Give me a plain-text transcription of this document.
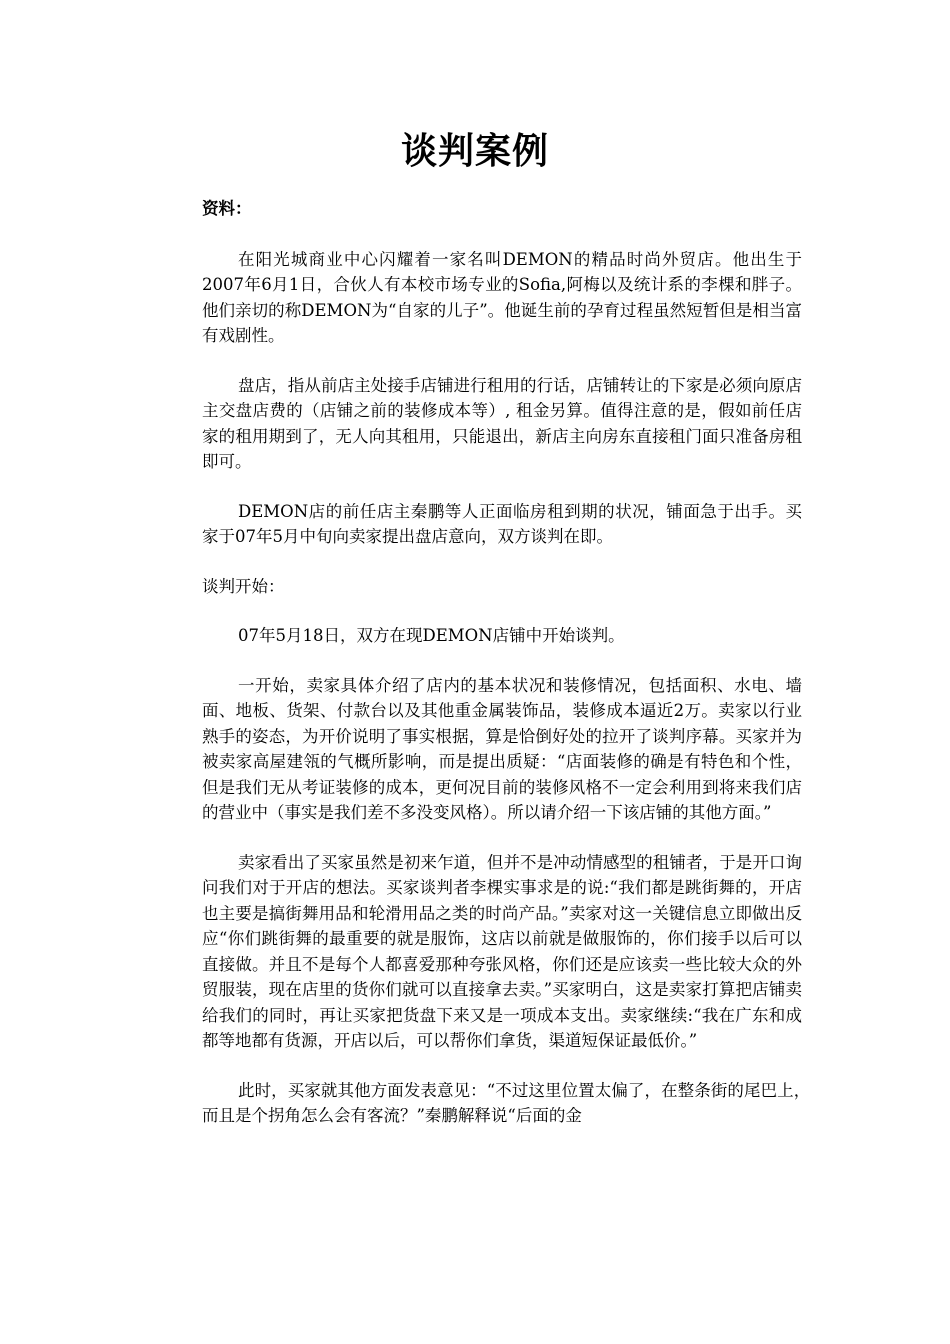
谈判案例

资料：

在阳光城商业中心闪耀着一家名叫DEMON的精品时尚外贸店。他出生于2007年6月1日，合伙人有本校市场专业的Sofia,阿梅以及统计系的李棵和胖子。他们亲切的称DEMON为“自家的儿子”。他诞生前的孕育过程虽然短暂但是相当富有戏剧性。

盘店，指从前店主处接手店铺进行租用的行话，店铺转让的下家是必须向原店主交盘店费的（店铺之前的装修成本等）, 租金另算。值得注意的是，假如前任店家的租用期到了，无人向其租用，只能退出，新店主向房东直接租门面只准备房租即可。

DEMON店的前任店主秦鹏等人正面临房租到期的状况，铺面急于出手。买家于07年5月中旬向卖家提出盘店意向，双方谈判在即。

谈判开始：

07年5月18日，双方在现DEMON店铺中开始谈判。

一开始，卖家具体介绍了店内的基本状况和装修情况，包括面积、水电、墙面、地板、货架、付款台以及其他重金属装饰品，装修成本逼近2万。卖家以行业熟手的姿态，为开价说明了事实根据，算是恰倒好处的拉开了谈判序幕。买家并为被卖家高屋建瓴的气概所影响，而是提出质疑：“店面装修的确是有特色和个性，但是我们无从考证装修的成本，更何况目前的装修风格不一定会利用到将来我们店的营业中（事实是我们差不多没变风格）。所以请介绍一下该店铺的其他方面。”

卖家看出了买家虽然是初来乍道，但并不是冲动情感型的租铺者，于是开口询问我们对于开店的想法。买家谈判者李棵实事求是的说:“我们都是跳街舞的，开店也主要是搞街舞用品和轮滑用品之类的时尚产品。”卖家对这一关键信息立即做出反应“你们跳街舞的最重要的就是服饰，这店以前就是做服饰的，你们接手以后可以直接做。并且不是每个人都喜爱那种夸张风格，你们还是应该卖一些比较大众的外贸服装，现在店里的货你们就可以直接拿去卖。”买家明白，这是卖家打算把店铺卖给我们的同时，再让买家把货盘下来又是一项成本支出。卖家继续:“我在广东和成都等地都有货源，开店以后，可以帮你们拿货，渠道短保证最低价。”

此时，买家就其他方面发表意见：“不过这里位置太偏了，在整条街的尾巴上，　　而且是个拐角怎么会有客流？”秦鹏解释说“后面的金
